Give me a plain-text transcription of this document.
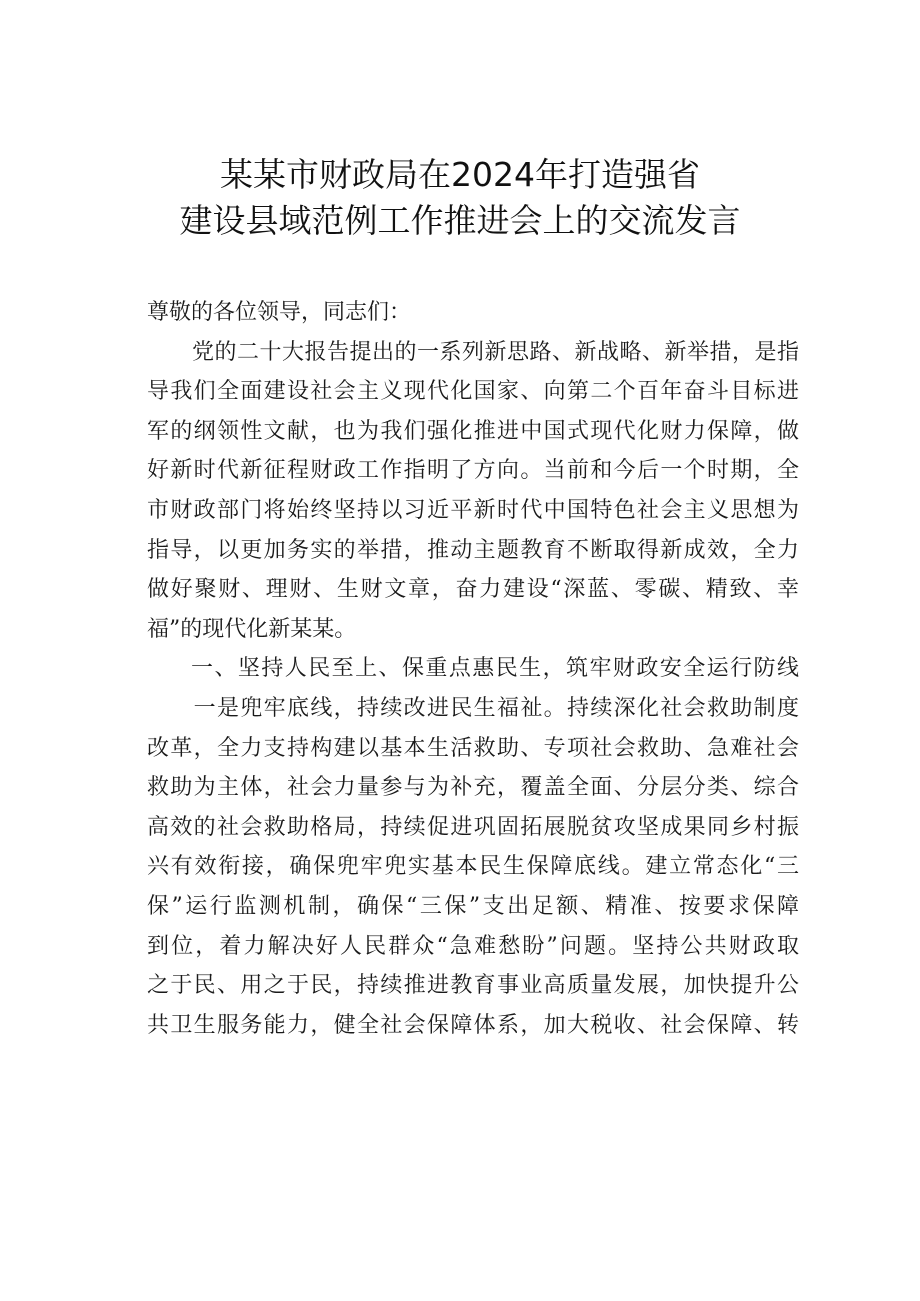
某某市财政局在2024年打造强省
建设县域范例工作推进会上的交流发言

尊敬的各位领导，同志们：

　　党的二十大报告提出的一系列新思路、新战略、新举措，是指
导我们全面建设社会主义现代化国家、向第二个百年奋斗目标进
军的纲领性文献，也为我们强化推进中国式现代化财力保障，做
好新时代新征程财政工作指明了方向。当前和今后一个时期，全
市财政部门将始终坚持以习近平新时代中国特色社会主义思想为
指导，以更加务实的举措，推动主题教育不断取得新成效，全力
做好聚财、理财、生财文章，奋力建设“深蓝、零碳、精致、幸
福”的现代化新某某。

一、坚持人民至上、保重点惠民生，筑牢财政安全运行防线

　　一是兜牢底线，持续改进民生福祉。持续深化社会救助制度
改革，全力支持构建以基本生活救助、专项社会救助、急难社会
救助为主体，社会力量参与为补充，覆盖全面、分层分类、综合
高效的社会救助格局，持续促进巩固拓展脱贫攻坚成果同乡村振
兴有效衔接，确保兜牢兜实基本民生保障底线。建立常态化“三
保”运行监测机制，确保“三保”支出足额、精准、按要求保障
到位，着力解决好人民群众“急难愁盼”问题。坚持公共财政取
之于民、用之于民，持续推进教育事业高质量发展，加快提升公
共卫生服务能力，健全社会保障体系，加大税收、社会保障、转
